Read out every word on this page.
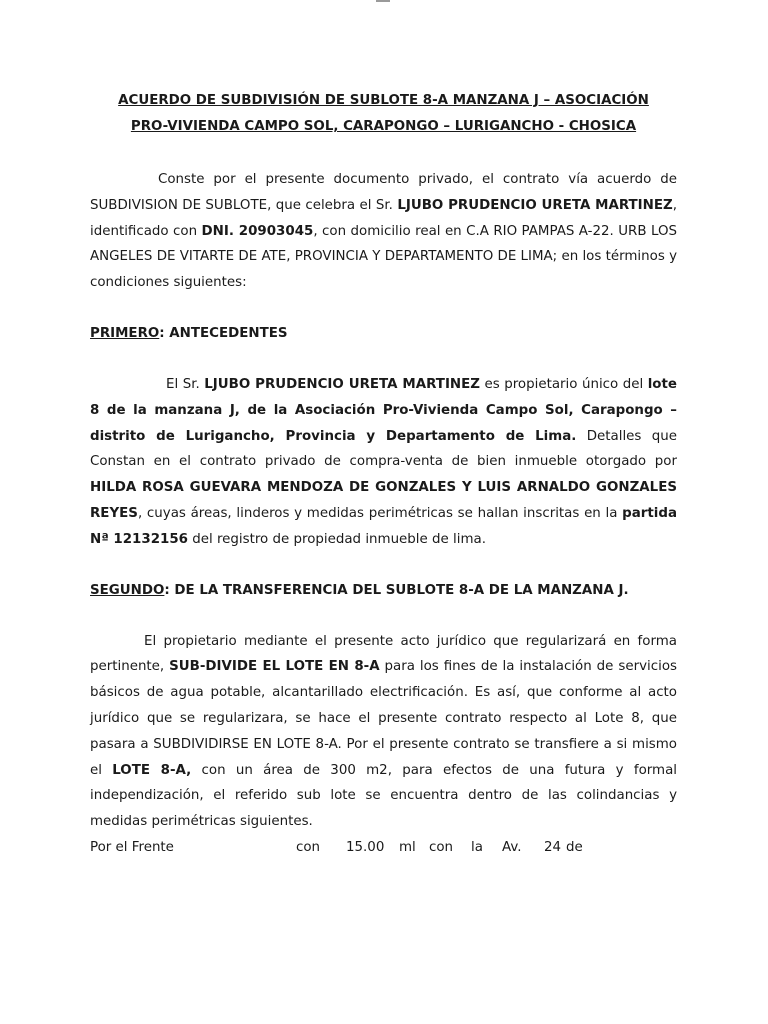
ACUERDO DE SUBDIVISIÓN DE SUBLOTE 8-A MANZANA J – ASOCIACIÓN
PRO-VIVIENDA CAMPO SOL, CARAPONGO – LURIGANCHO - CHOSICA

Conste por el presente documento privado, el contrato vía acuerdo de SUBDIVISION DE SUBLOTE, que celebra el Sr. LJUBO PRUDENCIO URETA MARTINEZ, identificado con DNI. 20903045, con domicilio real en C.A RIO PAMPAS A-22. URB LOS ANGELES DE VITARTE DE ATE, PROVINCIA Y DEPARTAMENTO DE LIMA; en los términos y condiciones siguientes:

PRIMERO: ANTECEDENTES

El Sr. LJUBO PRUDENCIO URETA MARTINEZ es propietario único del lote 8 de la manzana J, de la Asociación Pro-Vivienda Campo Sol, Carapongo – distrito de Lurigancho, Provincia y Departamento de Lima. Detalles que Constan en el contrato privado de compra-venta de bien inmueble otorgado por HILDA ROSA GUEVARA MENDOZA DE GONZALES Y LUIS ARNALDO GONZALES REYES, cuyas áreas, linderos y medidas perimétricas se hallan inscritas en la partida Nª 12132156 del registro de propiedad inmueble de lima.

SEGUNDO: DE LA TRANSFERENCIA DEL SUBLOTE 8-A DE LA MANZANA J.

El propietario mediante el presente acto jurídico que regularizará en forma pertinente, SUB-DIVIDE EL LOTE EN 8-A para los fines de la instalación de servicios básicos de agua potable, alcantarillado electrificación. Es así, que conforme al acto jurídico que se regularizara, se hace el presente contrato respecto al Lote 8, que pasara a SUBDIVIDIRSE EN LOTE 8-A. Por el presente contrato se transfiere a si mismo el LOTE 8-A, con un área de 300 m2, para efectos de una futura y formal independización, el referido sub lote se encuentra dentro de las colindancias y medidas perimétricas siguientes.

Por el Frente	con 15.00 ml con la Av. 24 de
